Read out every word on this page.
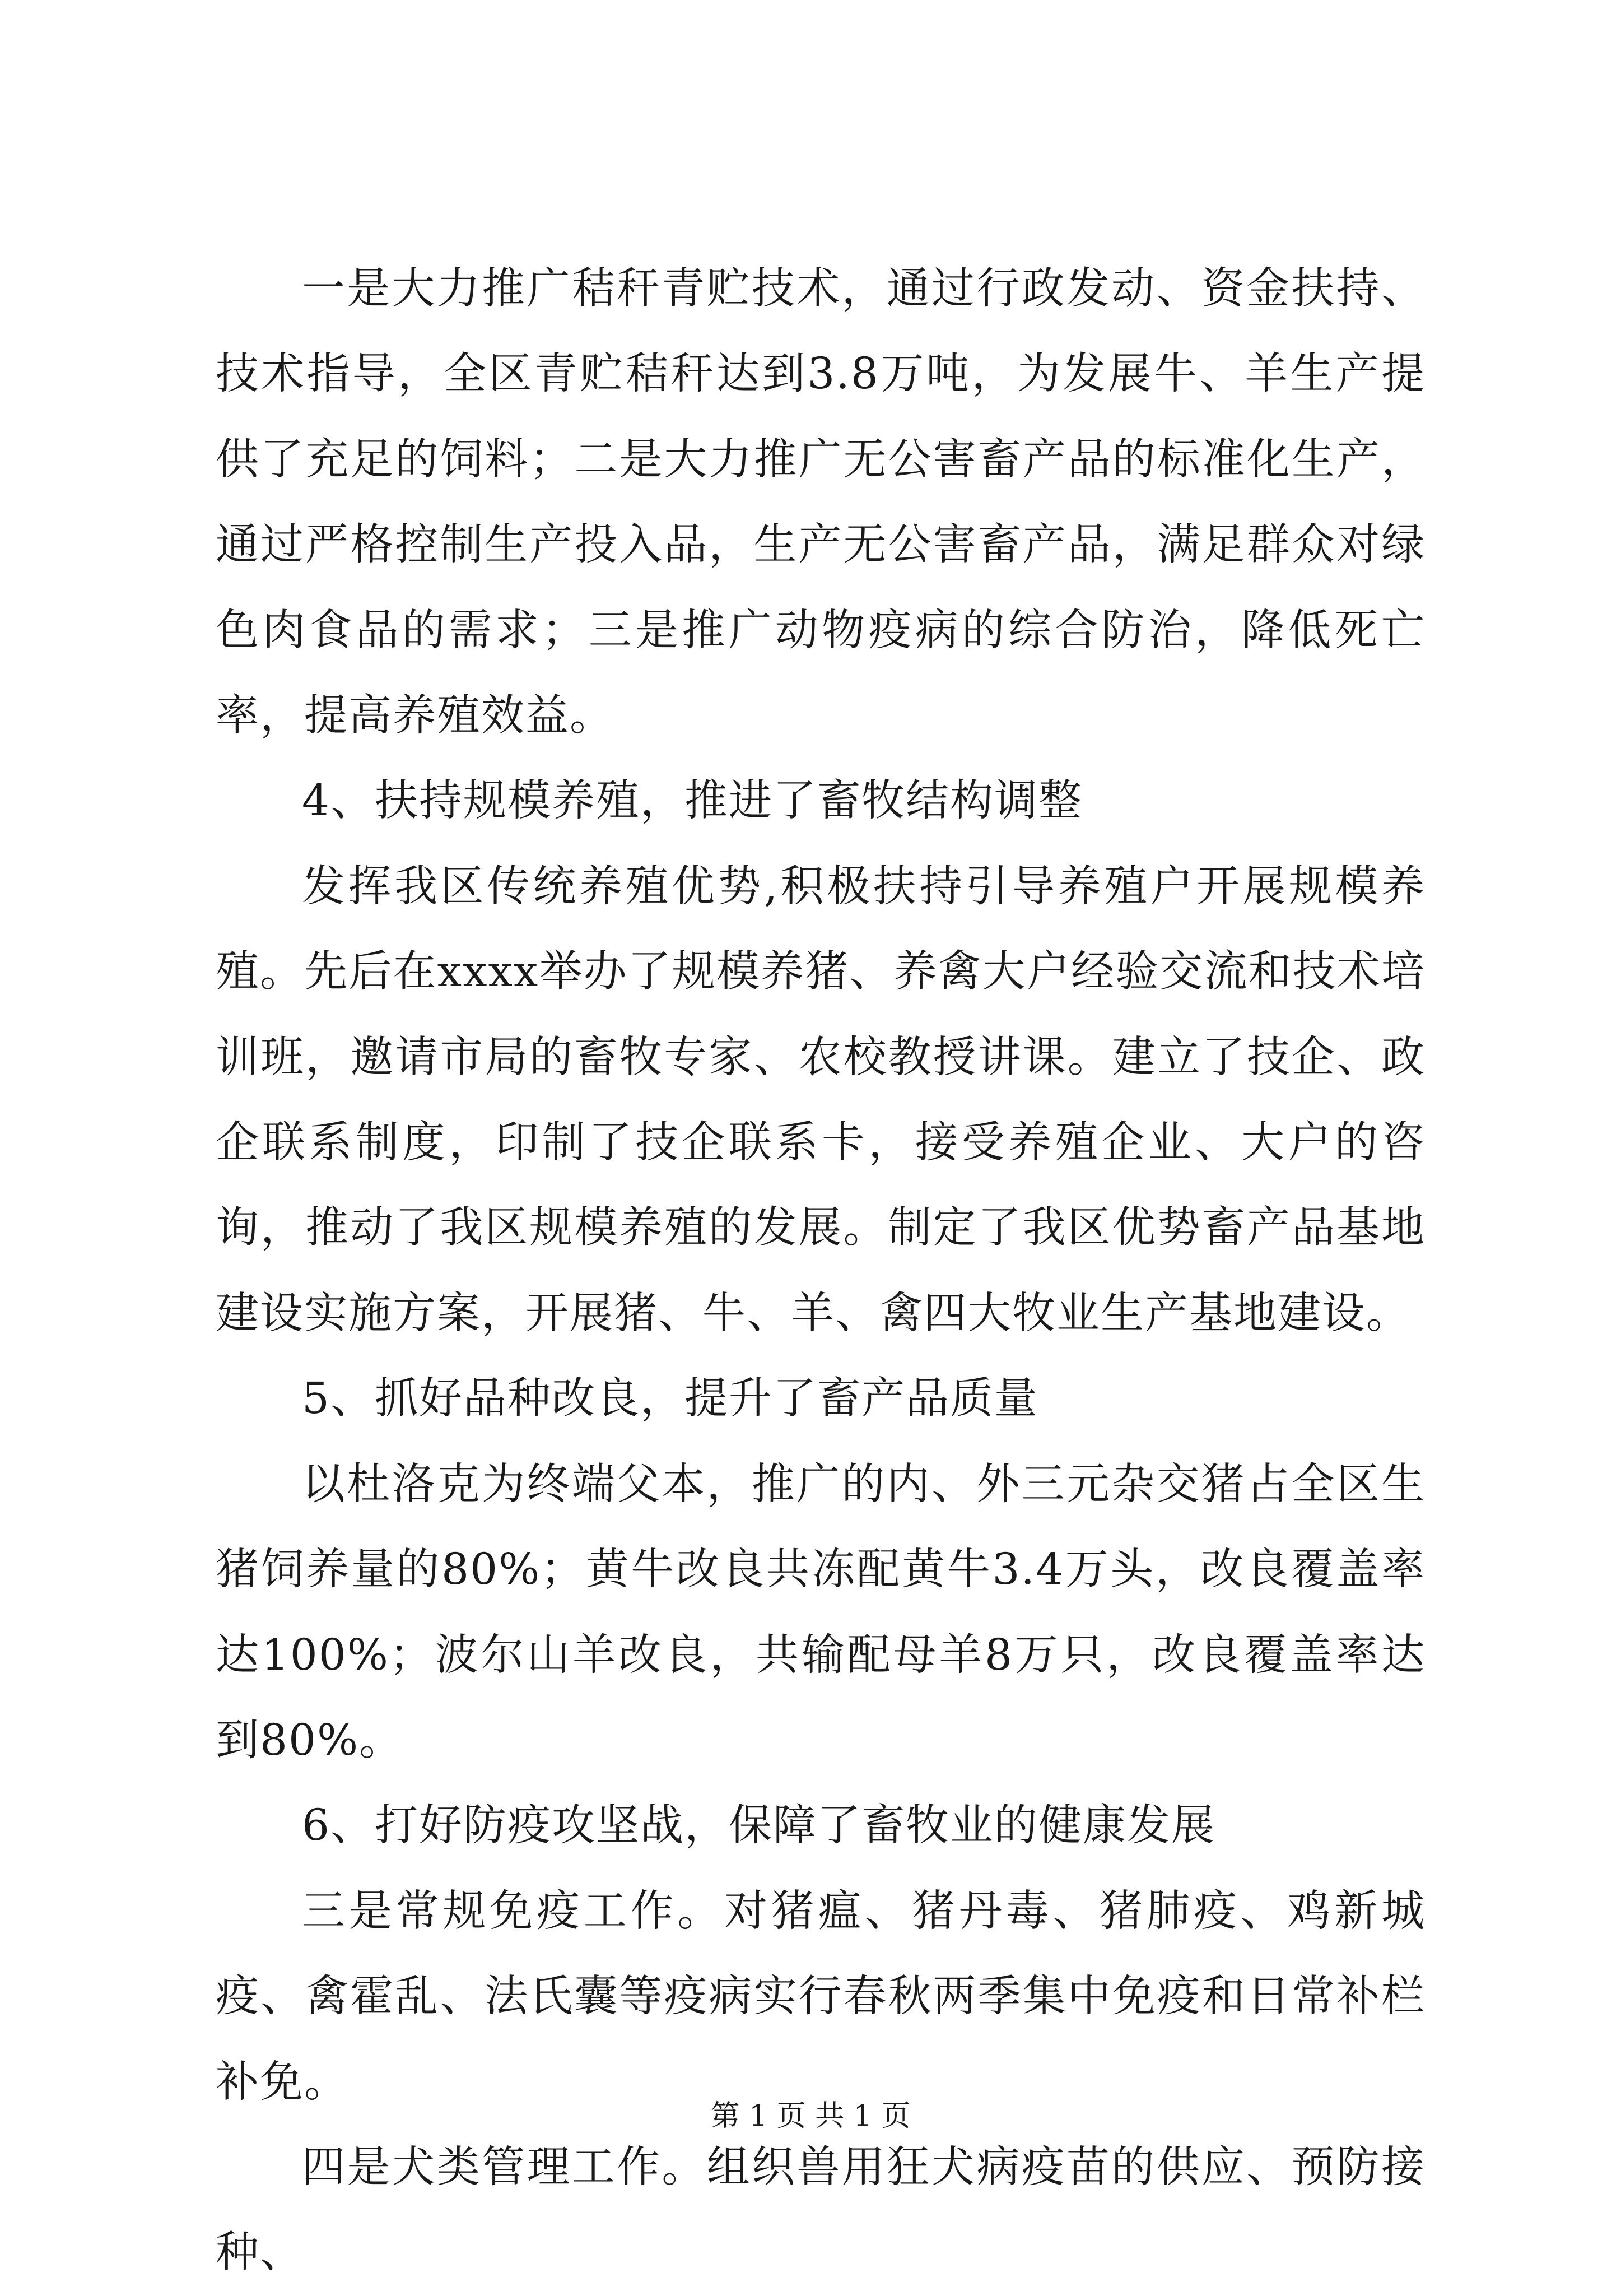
一是大力推广秸秆青贮技术，通过行政发动、资金扶持、技术指导，全区青贮秸秆达到3.8万吨，为发展牛、羊生产提供了充足的饲料；二是大力推广无公害畜产品的标准化生产，通过严格控制生产投入品，生产无公害畜产品，满足群众对绿色肉食品的需求；三是推广动物疫病的综合防治，降低死亡率，提高养殖效益。

4、扶持规模养殖，推进了畜牧结构调整

发挥我区传统养殖优势,积极扶持引导养殖户开展规模养殖。先后在xxxx举办了规模养猪、养禽大户经验交流和技术培训班，邀请市局的畜牧专家、农校教授讲课。建立了技企、政企联系制度，印制了技企联系卡，接受养殖企业、大户的咨询，推动了我区规模养殖的发展。制定了我区优势畜产品基地建设实施方案，开展猪、牛、羊、禽四大牧业生产基地建设。

5、抓好品种改良，提升了畜产品质量

以杜洛克为终端父本，推广的内、外三元杂交猪占全区生猪饲养量的80%；黄牛改良共冻配黄牛3.4万头，改良覆盖率达100%；波尔山羊改良，共输配母羊8万只，改良覆盖率达到80%。

6、打好防疫攻坚战，保障了畜牧业的健康发展

三是常规免疫工作。对猪瘟、猪丹毒、猪肺疫、鸡新城疫、禽霍乱、法氏囊等疫病实行春秋两季集中免疫和日常补栏补免。

四是犬类管理工作。组织兽用狂犬病疫苗的供应、预防接种、

第 1 页 共 1 页
